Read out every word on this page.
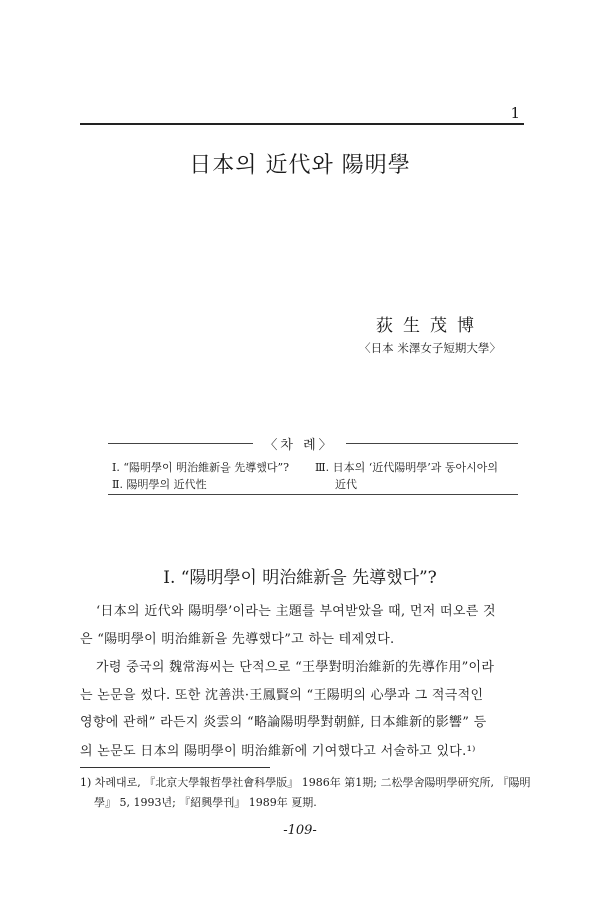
1
日本의 近代와 陽明學
荻生茂博
〈日本 米澤女子短期大學〉
〈차 례〉
Ⅰ. “陽明學이 明治維新을 先導했다”? Ⅲ. 日本의 ‘近代陽明學’과 동아시아의
Ⅱ. 陽明學의 近代性	近代
Ⅰ. “陽明學이 明治維新을 先導했다”?
‘日本의 近代와 陽明學’이라는 主題를 부여받았을 때, 먼저 떠오른 것
은 “陽明學이 明治維新을 先導했다”고 하는 테제였다.
가령 중국의 魏常海씨는 단적으로 “王學對明治維新的先導作用”이라
는 논문을 썼다. 또한 沈善洪·王鳳賢의 “王陽明의 心學과 그 적극적인
영향에 관해” 라든지 炎雲의 “略論陽明學對朝鮮, 日本維新的影響” 등
의 논문도 日本의 陽明學이 明治維新에 기여했다고 서술하고 있다.¹⁾
1) 차례대로, 『北京大學報哲學社會科學版』 1986年 第1期; 二松學舍陽明學研究所, 『陽明
學』 5, 1993년; 『紹興學刊』 1989年 夏期.
-109-
